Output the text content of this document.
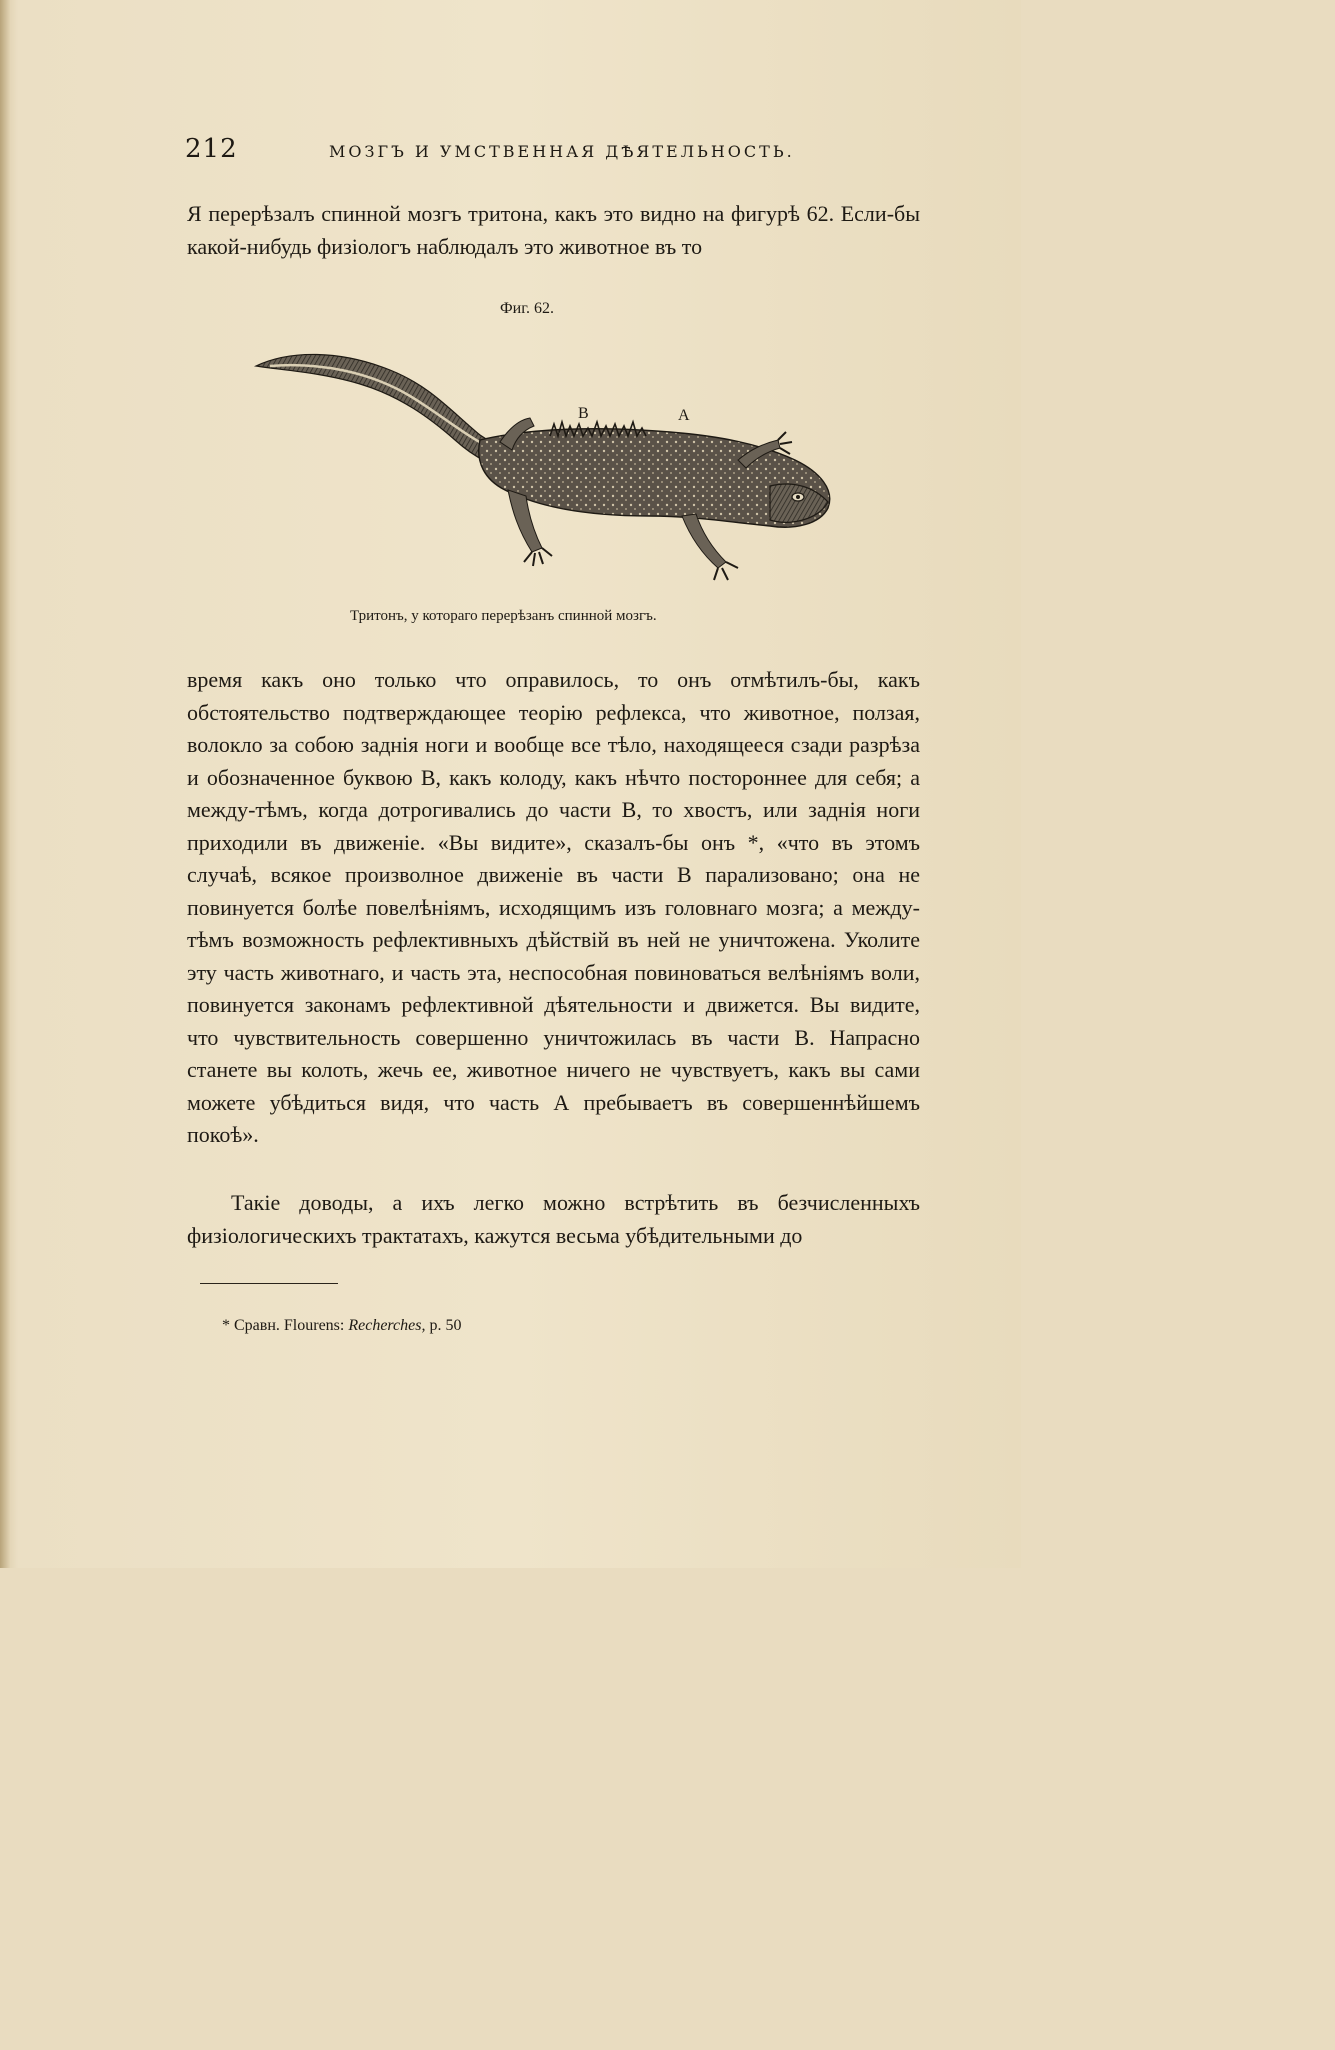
212	МОЗГЪ И УМСТВЕННАЯ ДѢЯТЕЛЬНОСТЬ.
Я перерѣзалъ спинной мозгъ тритона, какъ это видно на фигурѣ 62. Если-бы какой-нибудь физiологъ наблюдалъ это животное въ то
Фиг. 62.
В	А
Тритонъ, у котораго перерѣзанъ спинной мозгъ.
время какъ оно только что оправилось, то онъ отмѣтилъ-бы, какъ обстоятельство подтверждающее теорiю рефлекса, что животное, ползая, волокло за собою заднiя ноги и вообще все тѣло, находящееся сзади разрѣза и обозначенное буквою В, какъ колоду, какъ нѣчто постороннее для себя; а между-тѣмъ, когда дотрогивались до части В, то хвостъ, или заднiя ноги приходили въ движенiе. «Вы видите», сказалъ-бы онъ *, «что въ этомъ случаѣ, всякое произволное движенiе въ части В парализовано; она не повинуется болѣе повелѣнiямъ, исходящимъ изъ головнаго мозга; а между-тѣмъ возможность рефлективныхъ дѣйствiй въ ней не уничтожена. Уколите эту часть животнаго, и часть эта, неспособная повиноваться велѣнiямъ воли, повинуется законамъ рефлективной дѣятельности и движется. Вы видите, что чувствительность совершенно уничтожилась въ части В. Напрасно станете вы колоть, жечь ее, животное ничего не чувствуетъ, какъ вы сами можете убѣдиться видя, что часть А пребываетъ въ совершеннѣйшемъ покоѣ».
Такiе доводы, а ихъ легко можно встрѣтить въ безчисленныхъ физiологическихъ трактатахъ, кажутся весьма убѣдительными до
* Сравн. Flourens: Recherches, p. 50
